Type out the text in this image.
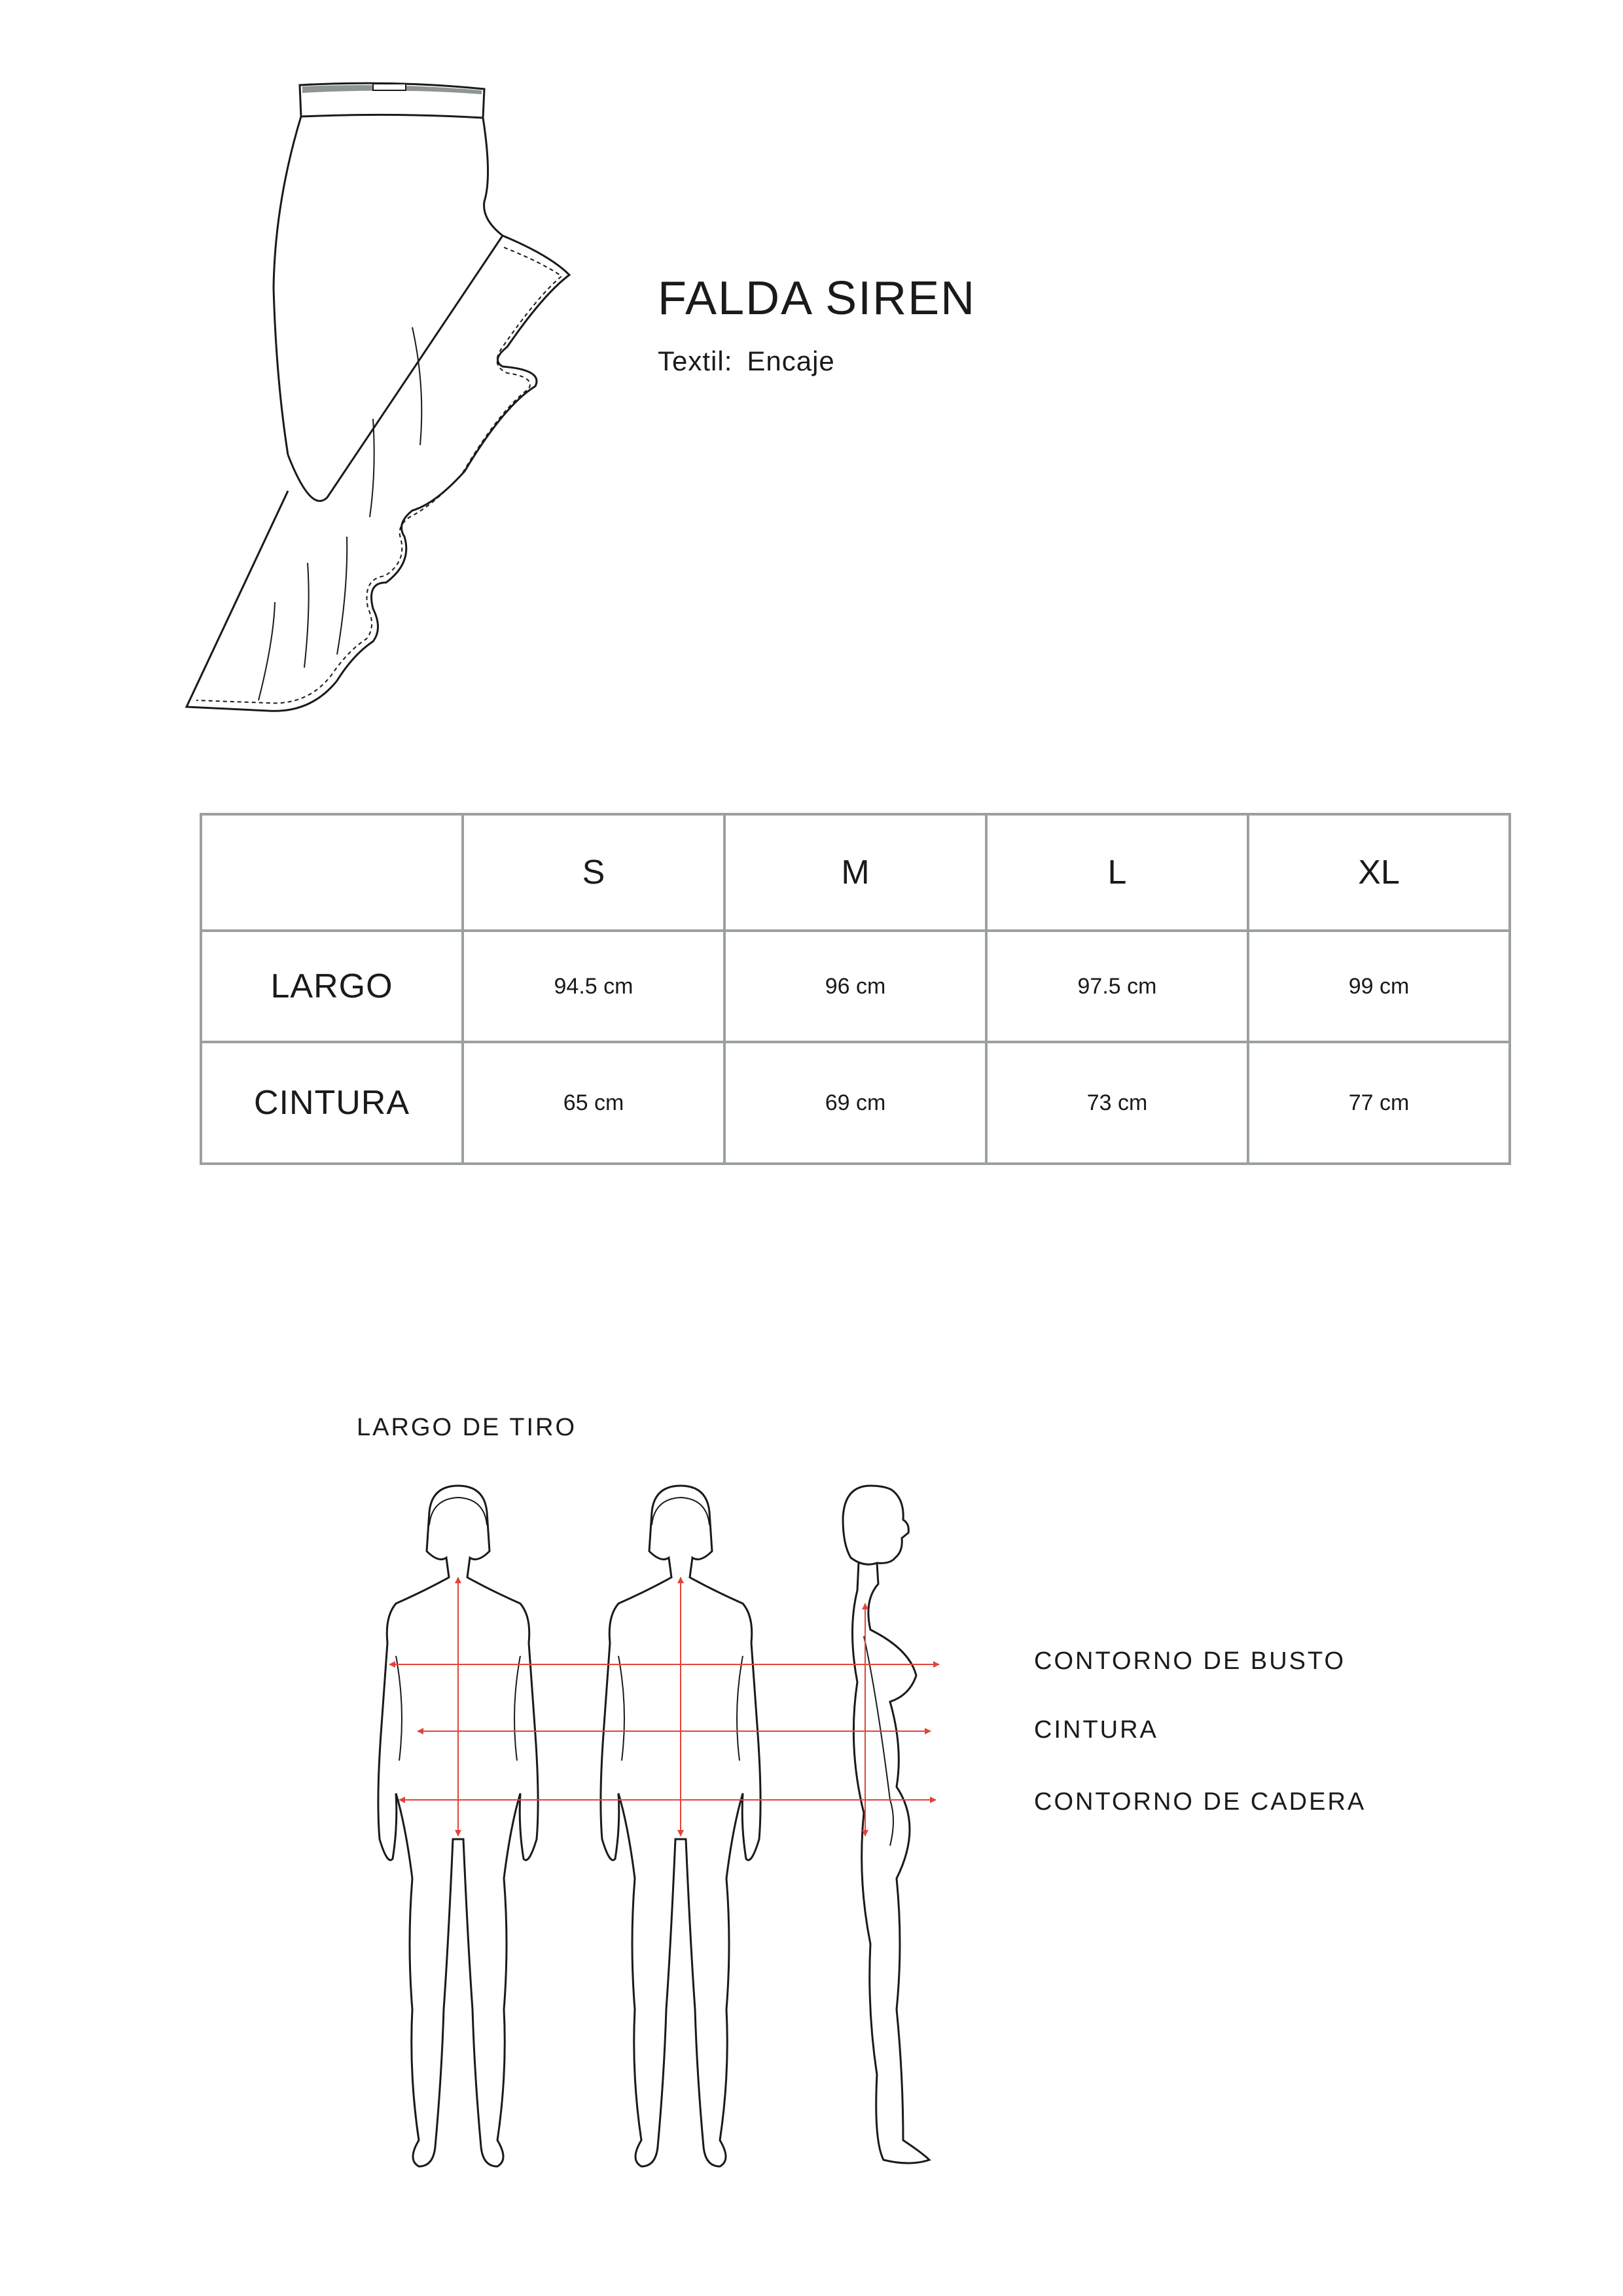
FALDA SIREN
Textil: Encaje
	S	M	L	XL
LARGO	94.5 cm	96 cm	97.5 cm	99 cm
CINTURA	65 cm	69 cm	73 cm	77 cm
LARGO DE TIRO
CONTORNO DE BUSTO
CINTURA
CONTORNO DE CADERA
